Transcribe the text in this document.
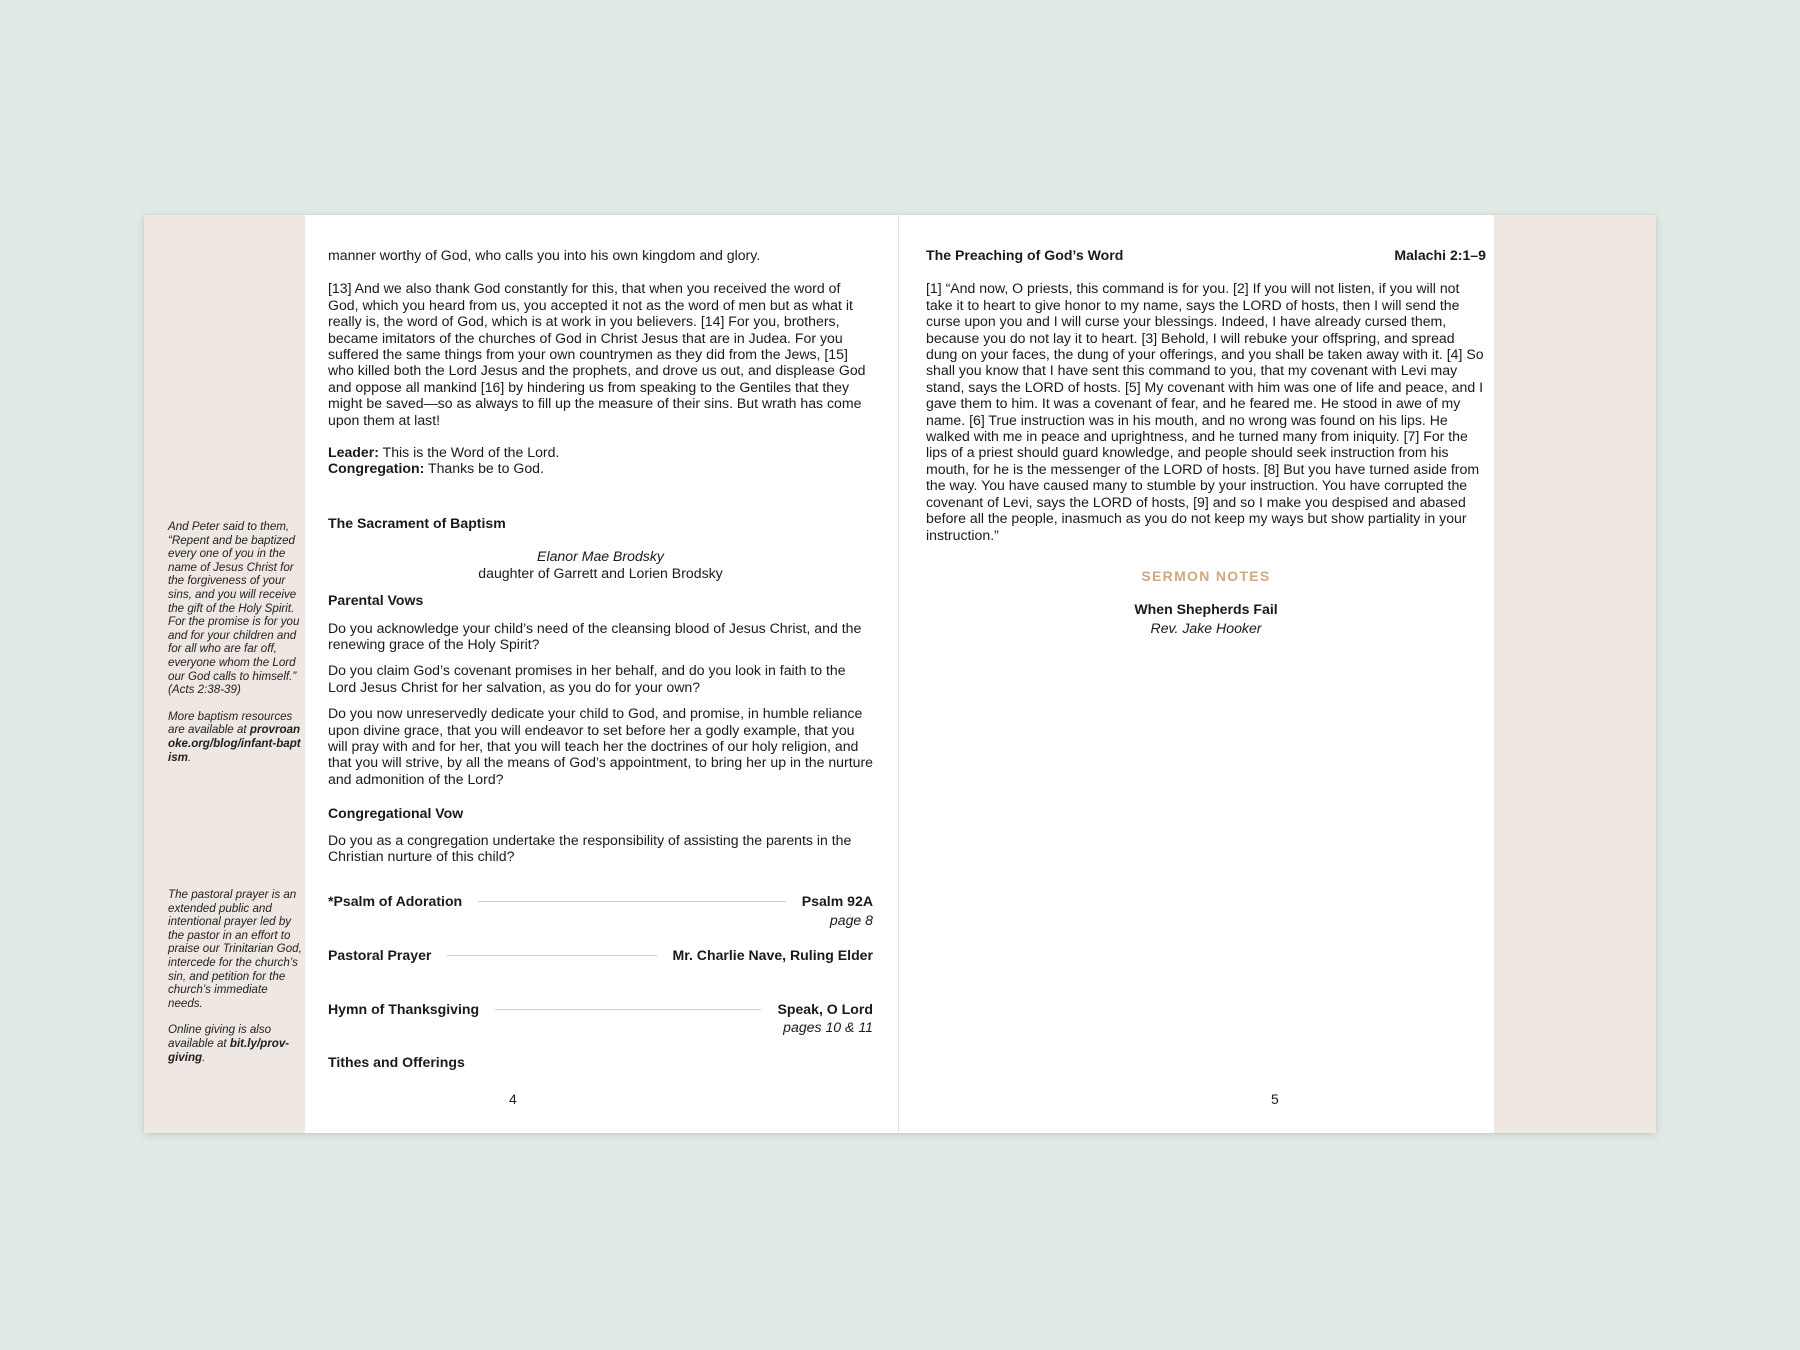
And Peter said to them, “Repent and be baptized every one of you in the name of Jesus Christ for the forgiveness of your sins, and you will receive the gift of the Holy Spirit. For the promise is for you and for your children and for all who are far off, everyone whom the Lord our God calls to himself.” (Acts 2:38-39)

More baptism resources are available at provroanoke.org/blog/infant-baptism.

The pastoral prayer is an extended public and intentional prayer led by the pastor in an effort to praise our Trinitarian God, intercede for the church’s sin, and petition for the church’s immediate needs.

Online giving is also available at bit.ly/prov-giving.

manner worthy of God, who calls you into his own kingdom and glory.

[13] And we also thank God constantly for this, that when you received the word of God, which you heard from us, you accepted it not as the word of men but as what it really is, the word of God, which is at work in you believers. [14] For you, brothers, became imitators of the churches of God in Christ Jesus that are in Judea. For you suffered the same things from your own countrymen as they did from the Jews, [15] who killed both the Lord Jesus and the prophets, and drove us out, and displease God and oppose all mankind [16] by hindering us from speaking to the Gentiles that they might be saved—so as always to fill up the measure of their sins. But wrath has come upon them at last!

Leader: This is the Word of the Lord.

Congregation: Thanks be to God.

The Sacrament of Baptism

Elanor Mae Brodsky

daughter of Garrett and Lorien Brodsky

Parental Vows

Do you acknowledge your child’s need of the cleansing blood of Jesus Christ, and the renewing grace of the Holy Spirit?

Do you claim God’s covenant promises in her behalf, and do you look in faith to the Lord Jesus Christ for her salvation, as you do for your own?

Do you now unreservedly dedicate your child to God, and promise, in humble reliance upon divine grace, that you will endeavor to set before her a godly example, that you will pray with and for her, that you will teach her the doctrines of our holy religion, and that you will strive, by all the means of God’s appointment, to bring her up in the nurture and admonition of the Lord?

Congregational Vow

Do you as a congregation undertake the responsibility of assisting the parents in the Christian nurture of this child?

*Psalm of Adoration	Psalm 92A

page 8

Pastoral Prayer	Mr. Charlie Nave, Ruling Elder
Hymn of Thanksgiving	Speak, O Lord

pages 10 & 11

Tithes and Offerings

4
The Preaching of God’s Word	Malachi 2:1–9

[1] “And now, O priests, this command is for you. [2] If you will not listen, if you will not take it to heart to give honor to my name, says the LORD of hosts, then I will send the curse upon you and I will curse your blessings. Indeed, I have already cursed them, because you do not lay it to heart. [3] Behold, I will rebuke your offspring, and spread dung on your faces, the dung of your offerings, and you shall be taken away with it. [4] So shall you know that I have sent this command to you, that my covenant with Levi may stand, says the LORD of hosts. [5] My covenant with him was one of life and peace, and I gave them to him. It was a covenant of fear, and he feared me. He stood in awe of my name. [6] True instruction was in his mouth, and no wrong was found on his lips. He walked with me in peace and uprightness, and he turned many from iniquity. [7] For the lips of a priest should guard knowledge, and people should seek instruction from his mouth, for he is the messenger of the LORD of hosts. [8] But you have turned aside from the way. You have caused many to stumble by your instruction. You have corrupted the covenant of Levi, says the LORD of hosts, [9] and so I make you despised and abased before all the people, inasmuch as you do not keep my ways but show partiality in your instruction.”

SERMON NOTES

When Shepherds Fail

Rev. Jake Hooker

5
